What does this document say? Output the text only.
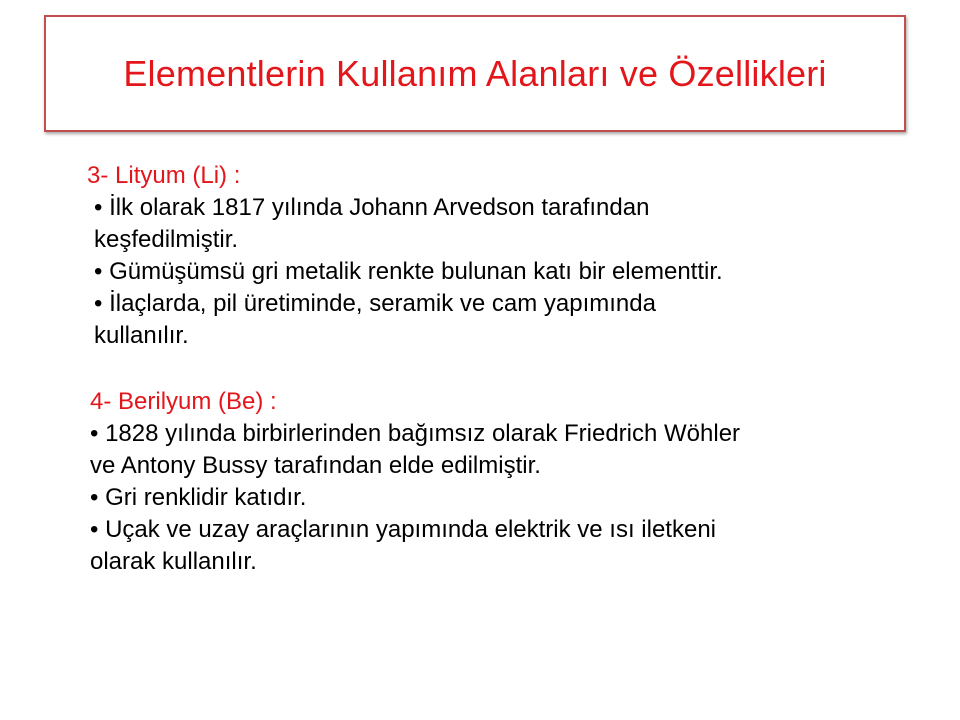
Elementlerin Kullanım Alanları ve Özellikleri

3- Lityum (Li) :

• İlk olarak 1817 yılında Johann Arvedson tarafından

keşfedilmiştir.

• Gümüşümsü gri metalik renkte bulunan katı bir elementtir.

• İlaçlarda, pil üretiminde, seramik ve cam yapımında

kullanılır.

4- Berilyum (Be) :

• 1828 yılında birbirlerinden bağımsız olarak Friedrich Wöhler

ve Antony Bussy tarafından elde edilmiştir.

• Gri renklidir katıdır.

• Uçak ve uzay araçlarının yapımında elektrik ve ısı iletkeni

olarak kullanılır.
